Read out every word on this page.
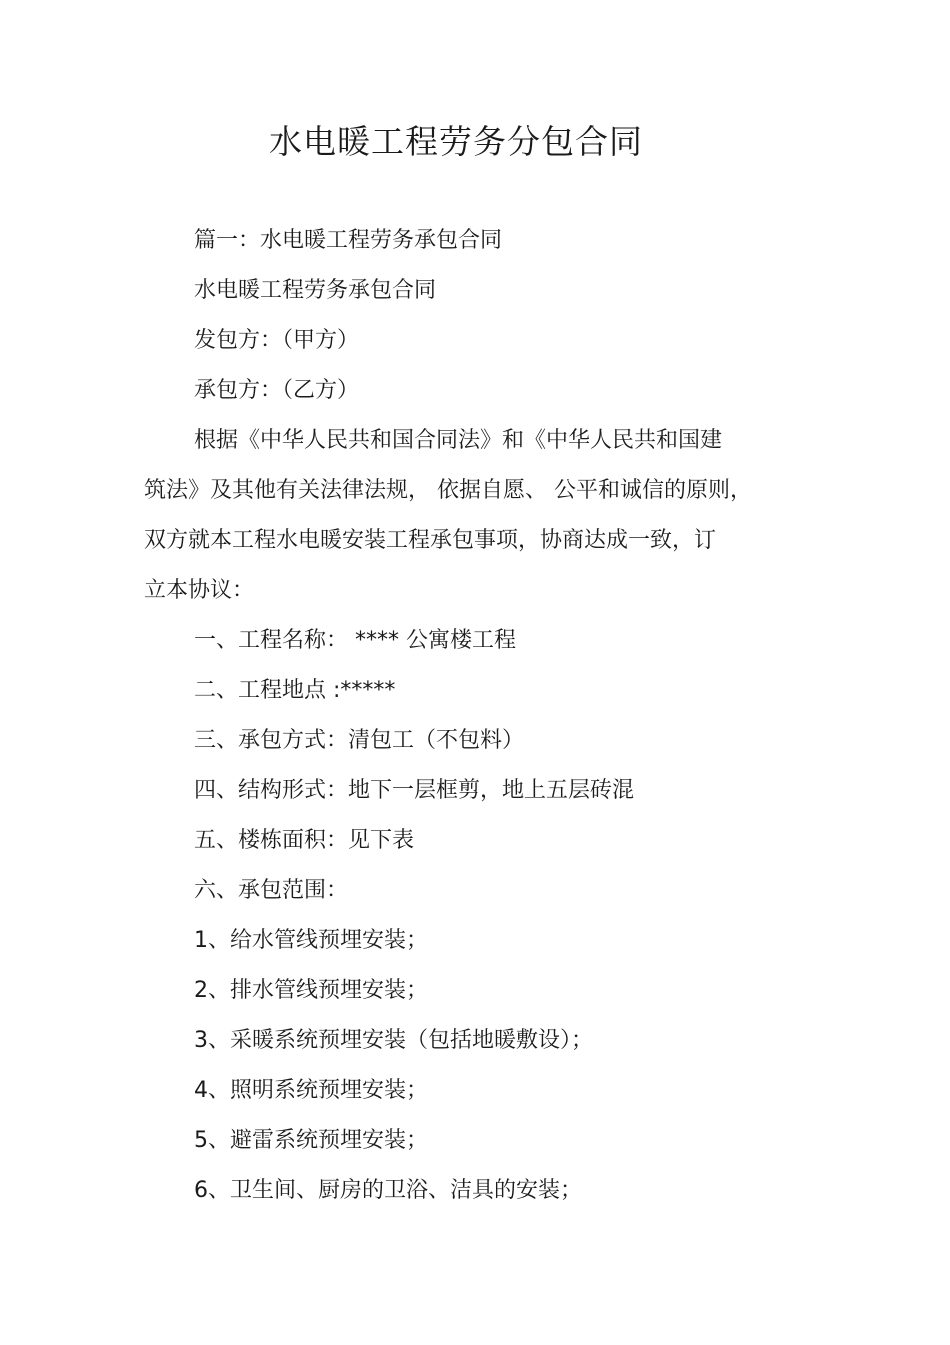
水电暖工程劳务分包合同
篇一：水电暖工程劳务承包合同
水电暖工程劳务承包合同
发包方：（甲方）
承包方：（乙方）
根据《中华人民共和国合同法》和《中华人民共和国建
筑法》及其他有关法律法规， 依据自愿、 公平和诚信的原则，
双方就本工程水电暖安装工程承包事项，协商达成一致，订
立本协议：
一、工程名称： **** 公寓楼工程
二、工程地点 :*****
三、承包方式：清包工（不包料）
四、结构形式：地下一层框剪，地上五层砖混
五、楼栋面积：见下表
六、承包范围：
1、给水管线预埋安装；
2、排水管线预埋安装；
3、采暖系统预埋安装（包括地暖敷设）；
4、照明系统预埋安装；
5、避雷系统预埋安装；
6、卫生间、厨房的卫浴、洁具的安装；
